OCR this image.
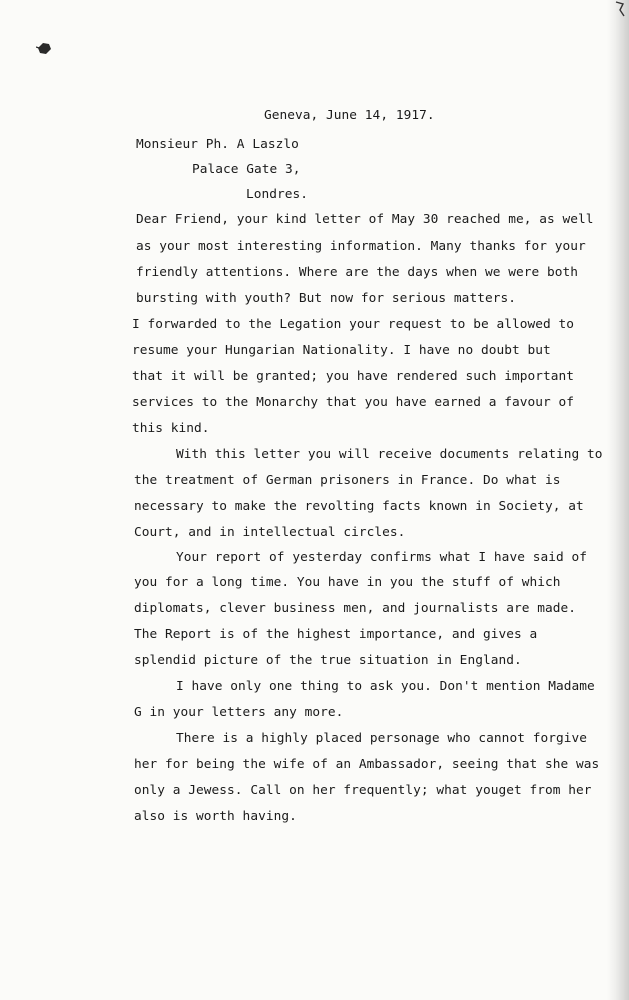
Geneva, June 14, 1917.
Monsieur Ph. A Laszlo
Palace Gate 3,
Londres.
Dear Friend, your kind letter of May 30 reached me, as well
as your most interesting information. Many thanks for your
friendly attentions. Where are the days when we were both
bursting with youth? But now for serious matters.
I forwarded to the Legation your request to be allowed to
resume your Hungarian Nationality. I have no doubt but
that it will be granted; you have rendered such important
services to the Monarchy that you have earned a favour of
this kind.
With this letter you will receive documents relating to
the treatment of German prisoners in France. Do what is
necessary to make the revolting facts known in Society, at
Court, and in intellectual circles.
Your report of yesterday confirms what I have said of
you for a long time. You have in you the stuff of which
diplomats, clever business men, and journalists are made.
The Report is of the highest importance, and gives a
splendid picture of the true situation in England.
I have only one thing to ask you. Don't mention Madame
G in your letters any more.
There is a highly placed personage who cannot forgive
her for being the wife of an Ambassador, seeing that she was
only a Jewess. Call on her frequently; what youget from her
also is worth having.
